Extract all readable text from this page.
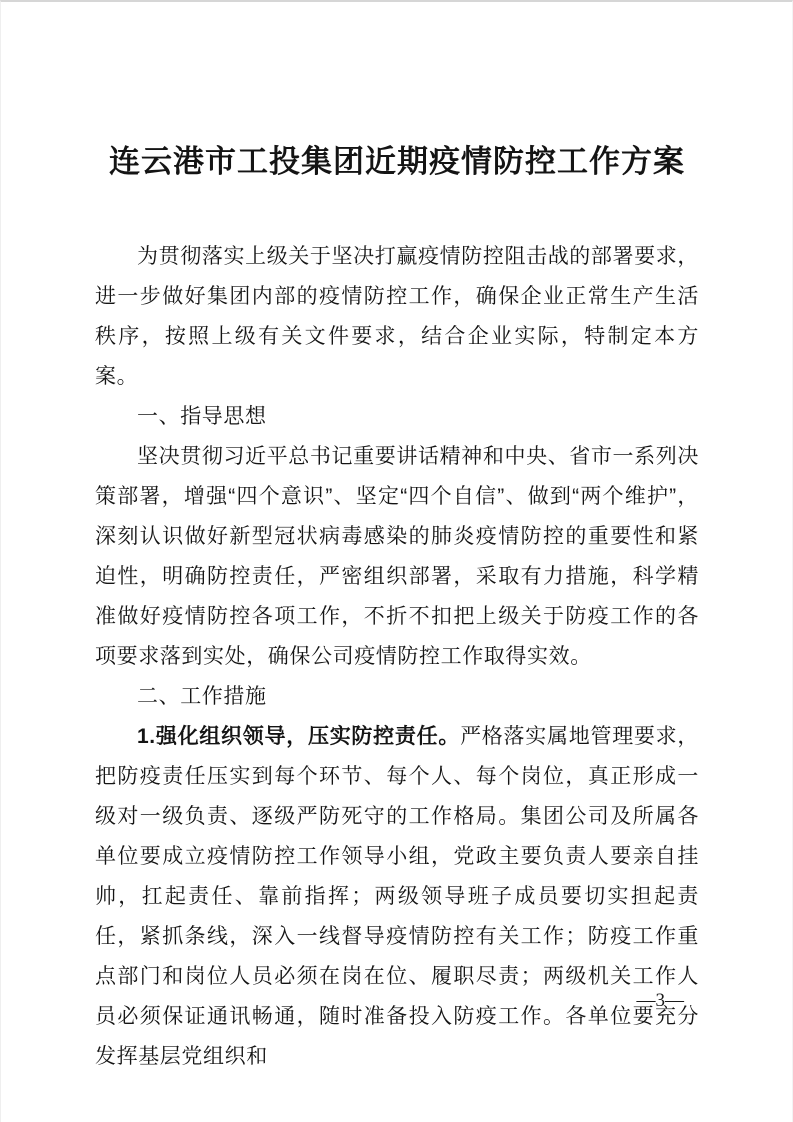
连云港市工投集团近期疫情防控工作方案

为贯彻落实上级关于坚决打赢疫情防控阻击战的部署要求，进一步做好集团内部的疫情防控工作，确保企业正常生产生活秩序，按照上级有关文件要求，结合企业实际，特制定本方案。

一、指导思想

坚决贯彻习近平总书记重要讲话精神和中央、省市一系列决策部署，增强“四个意识”、坚定“四个自信”、做到“两个维护”，深刻认识做好新型冠状病毒感染的肺炎疫情防控的重要性和紧迫性，明确防控责任，严密组织部署，采取有力措施，科学精准做好疫情防控各项工作，不折不扣把上级关于防疫工作的各项要求落到实处，确保公司疫情防控工作取得实效。

二、工作措施

1.强化组织领导，压实防控责任。严格落实属地管理要求，把防疫责任压实到每个环节、每个人、每个岗位，真正形成一级对一级负责、逐级严防死守的工作格局。集团公司及所属各单位要成立疫情防控工作领导小组，党政主要负责人要亲自挂帅，扛起责任、靠前指挥；两级领导班子成员要切实担起责任，紧抓条线，深入一线督导疫情防控有关工作；防疫工作重点部门和岗位人员必须在岗在位、履职尽责；两级机关工作人员必须保证通讯畅通，随时准备投入防疫工作。各单位要充分发挥基层党组织和

—3—
